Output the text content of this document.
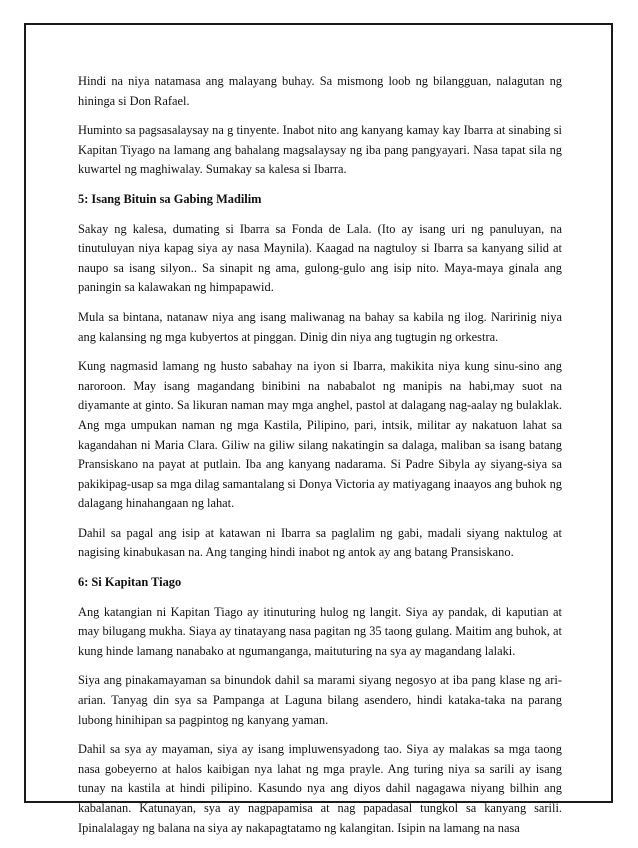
Hindi na niya natamasa ang malayang buhay. Sa mismong loob ng bilangguan, nalagutan ng hininga si Don Rafael.

Huminto sa pagsasalaysay na g tinyente. Inabot nito ang kanyang kamay kay Ibarra at sinabing si Kapitan Tiyago na lamang ang bahalang magsalaysay ng iba pang pangyayari. Nasa tapat sila ng kuwartel ng maghiwalay. Sumakay sa kalesa si Ibarra.

5: Isang Bituin sa Gabing Madilim

Sakay ng kalesa, dumating si Ibarra sa Fonda de Lala. (Ito ay isang uri ng panuluyan, na tinutuluyan niya kapag siya ay nasa Maynila). Kaagad na nagtuloy si Ibarra sa kanyang silid at naupo sa isang silyon.. Sa sinapit ng ama, gulong-gulo ang isip nito. Maya-maya ginala ang paningin sa kalawakan ng himpapawid.

Mula sa bintana, natanaw niya ang isang maliwanag na bahay sa kabila ng ilog. Naririnig niya ang kalansing ng mga kubyertos at pinggan. Dinig din niya ang tugtugin ng orkestra.

Kung nagmasid lamang ng husto sabahay na iyon si Ibarra, makikita niya kung sinu-sino ang naroroon. May isang magandang binibini na nababalot ng manipis na habi,may suot na diyamante at ginto. Sa likuran naman may mga anghel, pastol at dalagang nag-aalay ng bulaklak. Ang mga umpukan naman ng mga Kastila, Pilipino, pari, intsik, militar ay nakatuon lahat sa kagandahan ni Maria Clara. Giliw na giliw silang nakatingin sa dalaga, maliban sa isang batang Pransiskano na payat at putlain. Iba ang kanyang nadarama. Si Padre Sibyla ay siyang-siya sa pakikipag-usap sa mga dilag samantalang si Donya Victoria ay matiyagang inaayos ang buhok ng dalagang hinahangaan ng lahat.

Dahil sa pagal ang isip at katawan ni Ibarra sa paglalim ng gabi, madali siyang naktulog at nagising kinabukasan na. Ang tanging hindi inabot ng antok ay ang batang Pransiskano.

6: Si Kapitan Tiago

Ang katangian ni Kapitan Tiago ay itinuturing hulog ng langit. Siya ay pandak, di kaputian at may bilugang mukha. Siaya ay tinatayang nasa pagitan ng 35 taong gulang. Maitim ang buhok, at kung hinde lamang nanabako at ngumanganga, maituturing na sya ay magandang lalaki.

Siya ang pinakamayaman sa binundok dahil sa marami siyang negosyo at iba pang klase ng ari-arian. Tanyag din sya sa Pampanga at Laguna bilang asendero, hindi kataka-taka na parang lubong hinihipan sa pagpintog ng kanyang yaman.

Dahil sa sya ay mayaman, siya ay isang impluwensyadong tao. Siya ay malakas sa mga taong nasa gobeyerno at halos kaibigan nya lahat ng mga prayle. Ang turing niya sa sarili ay isang tunay na kastila at hindi pilipino. Kasundo nya ang diyos dahil nagagawa niyang bilhin ang kabalanan. Katunayan, sya ay nagpapamisa at nag papadasal tungkol sa kanyang sarili. Ipinalalagay ng balana na siya ay nakapagtatamo ng kalangitan. Isipin na lamang na nasa
